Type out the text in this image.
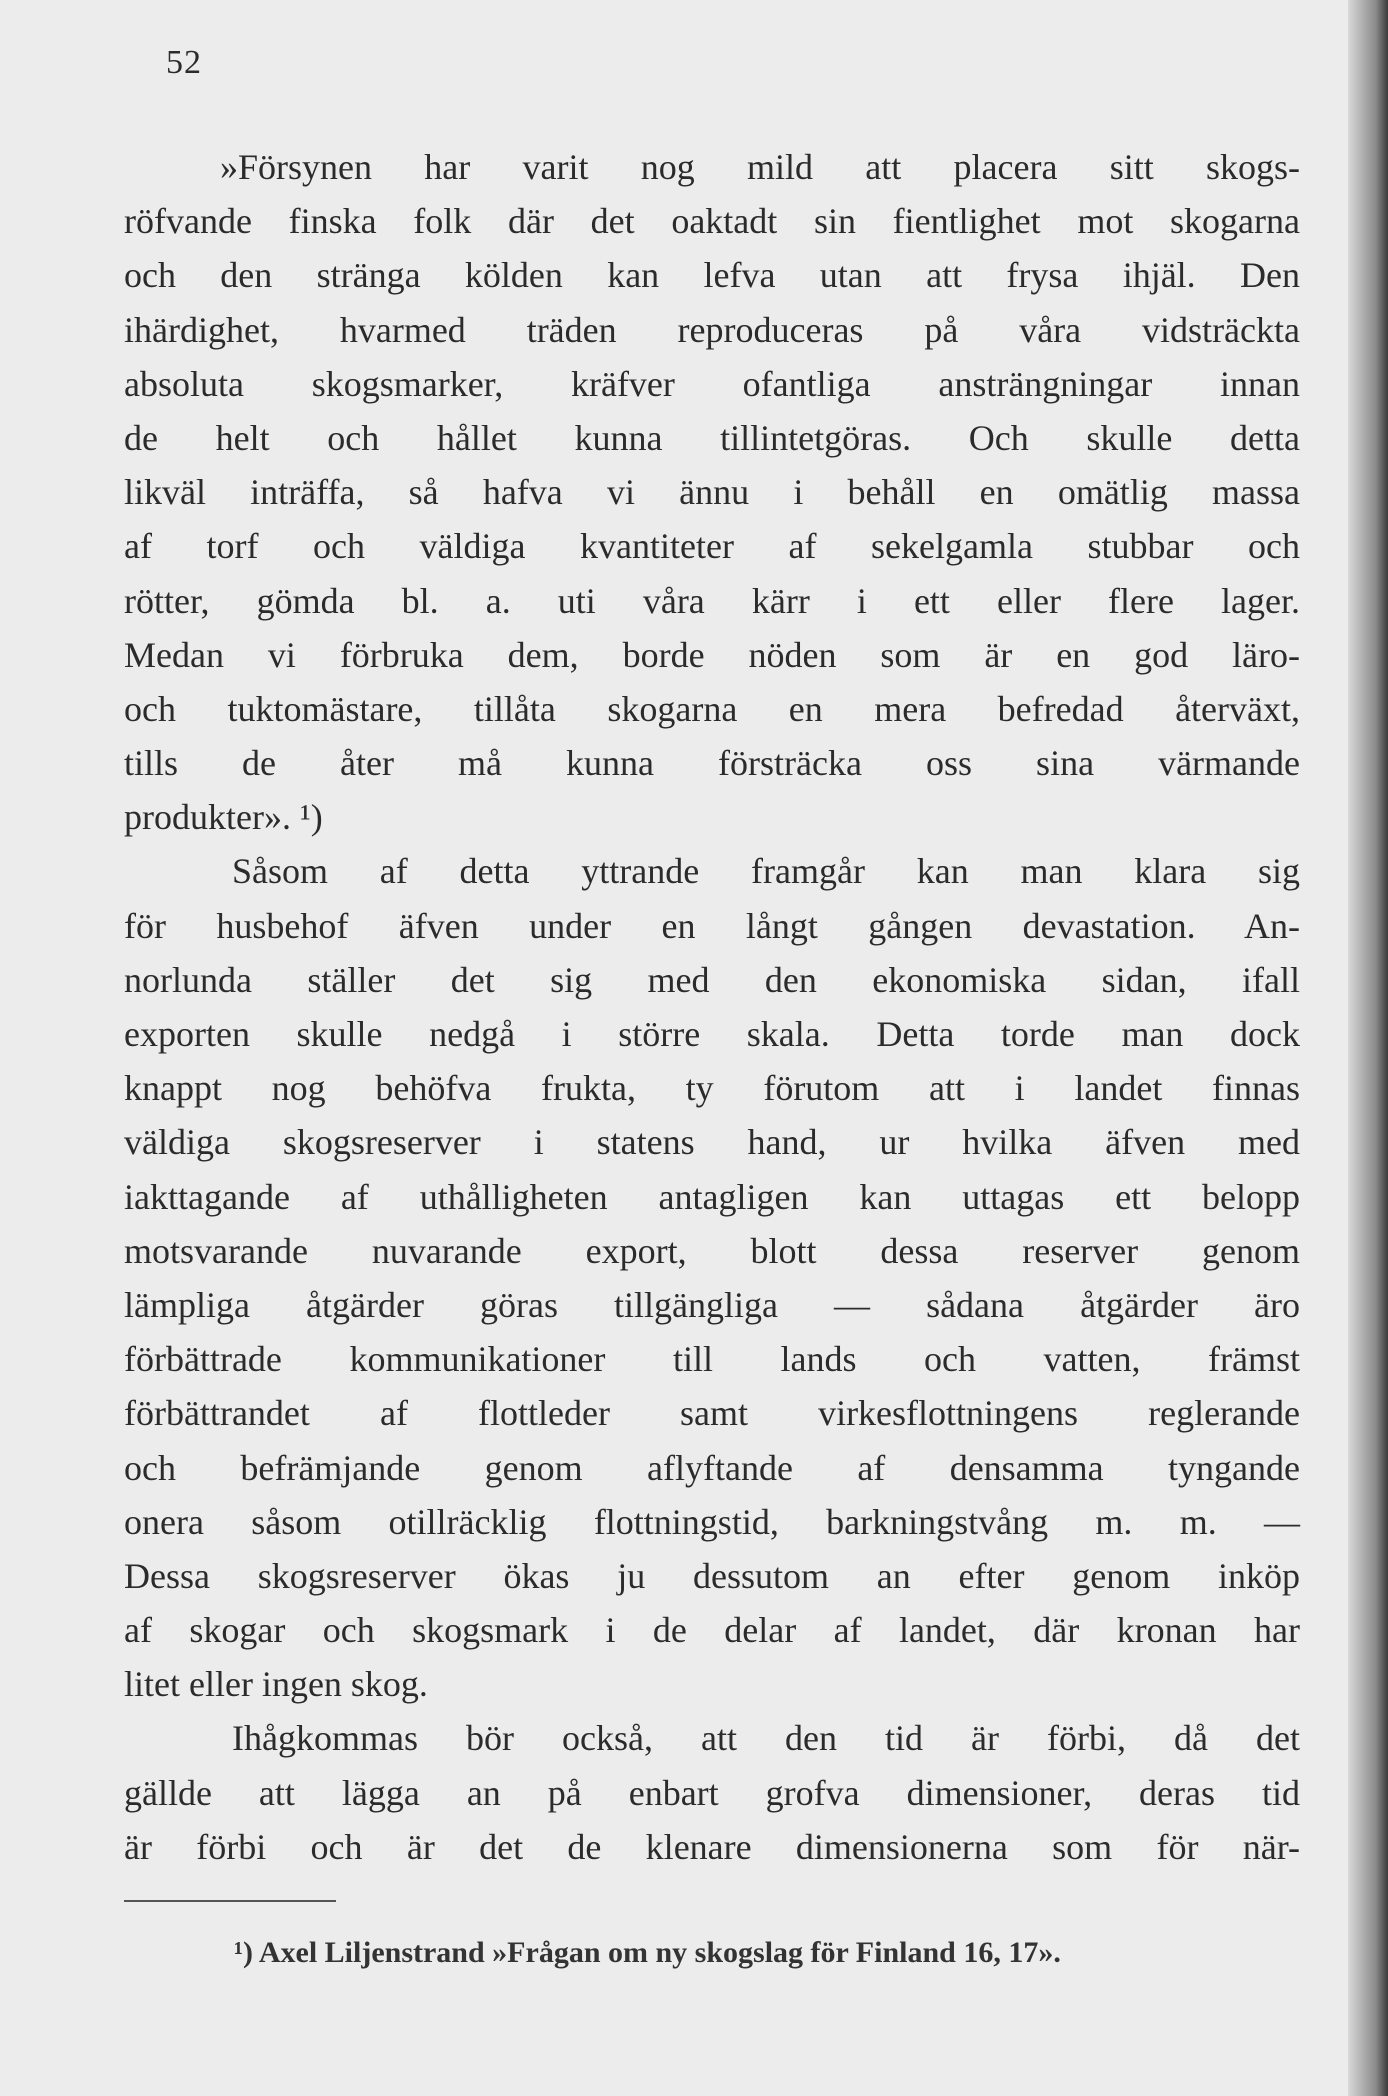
52
»Försynen har varit nog mild att placera sitt skogs-
röfvande finska folk där det oaktadt sin fientlighet mot skogarna
och den stränga kölden kan lefva utan att frysa ihjäl. Den
ihärdighet, hvarmed träden reproduceras på våra vidsträckta
absoluta skogsmarker, kräfver ofantliga ansträngningar innan
de helt och hållet kunna tillintetgöras. Och skulle detta
likväl inträffa, så hafva vi ännu i behåll en omätlig massa
af torf och väldiga kvantiteter af sekelgamla stubbar och
rötter, gömda bl. a. uti våra kärr i ett eller flere lager.
Medan vi förbruka dem, borde nöden som är en god läro-
och tuktomästare, tillåta skogarna en mera befredad återväxt,
tills de åter må kunna försträcka oss sina värmande
produkter». ¹)
Såsom af detta yttrande framgår kan man klara sig
för husbehof äfven under en långt gången devastation. An-
norlunda ställer det sig med den ekonomiska sidan, ifall
exporten skulle nedgå i större skala. Detta torde man dock
knappt nog behöfva frukta, ty förutom att i landet finnas
väldiga skogsreserver i statens hand, ur hvilka äfven med
iakttagande af uthålligheten antagligen kan uttagas ett belopp
motsvarande nuvarande export, blott dessa reserver genom
lämpliga åtgärder göras tillgängliga — sådana åtgärder äro
förbättrade kommunikationer till lands och vatten, främst
förbättrandet af flottleder samt virkesflottningens reglerande
och befrämjande genom aflyftande af densamma tyngande
onera såsom otillräcklig flottningstid, barkningstvång m. m. —
Dessa skogsreserver ökas ju dessutom an efter genom inköp
af skogar och skogsmark i de delar af landet, där kronan har
litet eller ingen skog.
Ihågkommas bör också, att den tid är förbi, då det
gällde att lägga an på enbart grofva dimensioner, deras tid
är förbi och är det de klenare dimensionerna som för när-
¹) Axel Liljenstrand »Frågan om ny skogslag för Finland 16, 17».
